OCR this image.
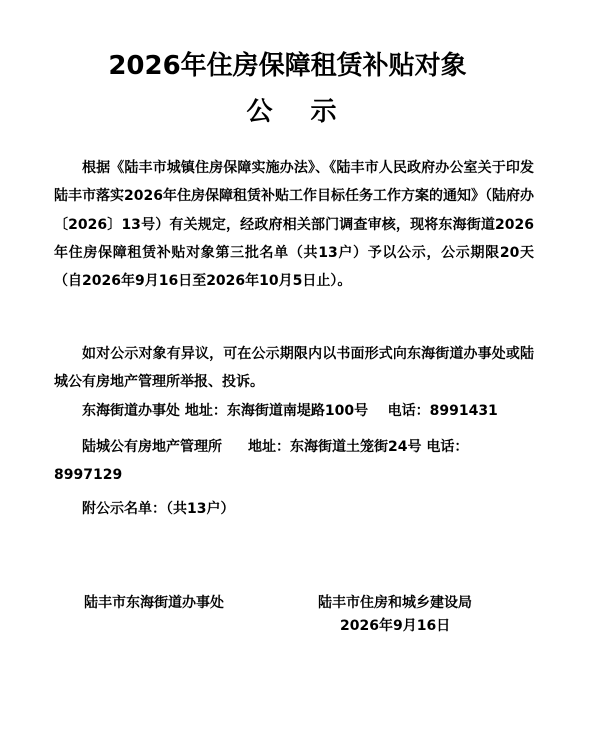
2026年住房保障租赁补贴对象
公示

根据《陆丰市城镇住房保障实施办法》、《陆丰市人民政府办公室关于印发陆丰市落实2026年住房保障租赁补贴工作目标任务工作方案的通知》（陆府办〔2026〕13号）有关规定，经政府相关部门调查审核，现将东海街道2026年住房保障租赁补贴对象第三批名单（共13户）予以公示，公示期限20天（自2026年9月16日至2026年10月5日止）。

如对公示对象有异议，可在公示期限内以书面形式向东海街道办事处或陆城公有房地产管理所举报、投诉。

东海街道办事处 地址：东海街道南堤路100号 电话：8991431

陆城公有房地产管理所 地址：东海街道土笼街24号 电话：

8997129

附公示名单：（共13户）

陆丰市东海街道办事处	陆丰市住房和城乡建设局
2026年9月16日
